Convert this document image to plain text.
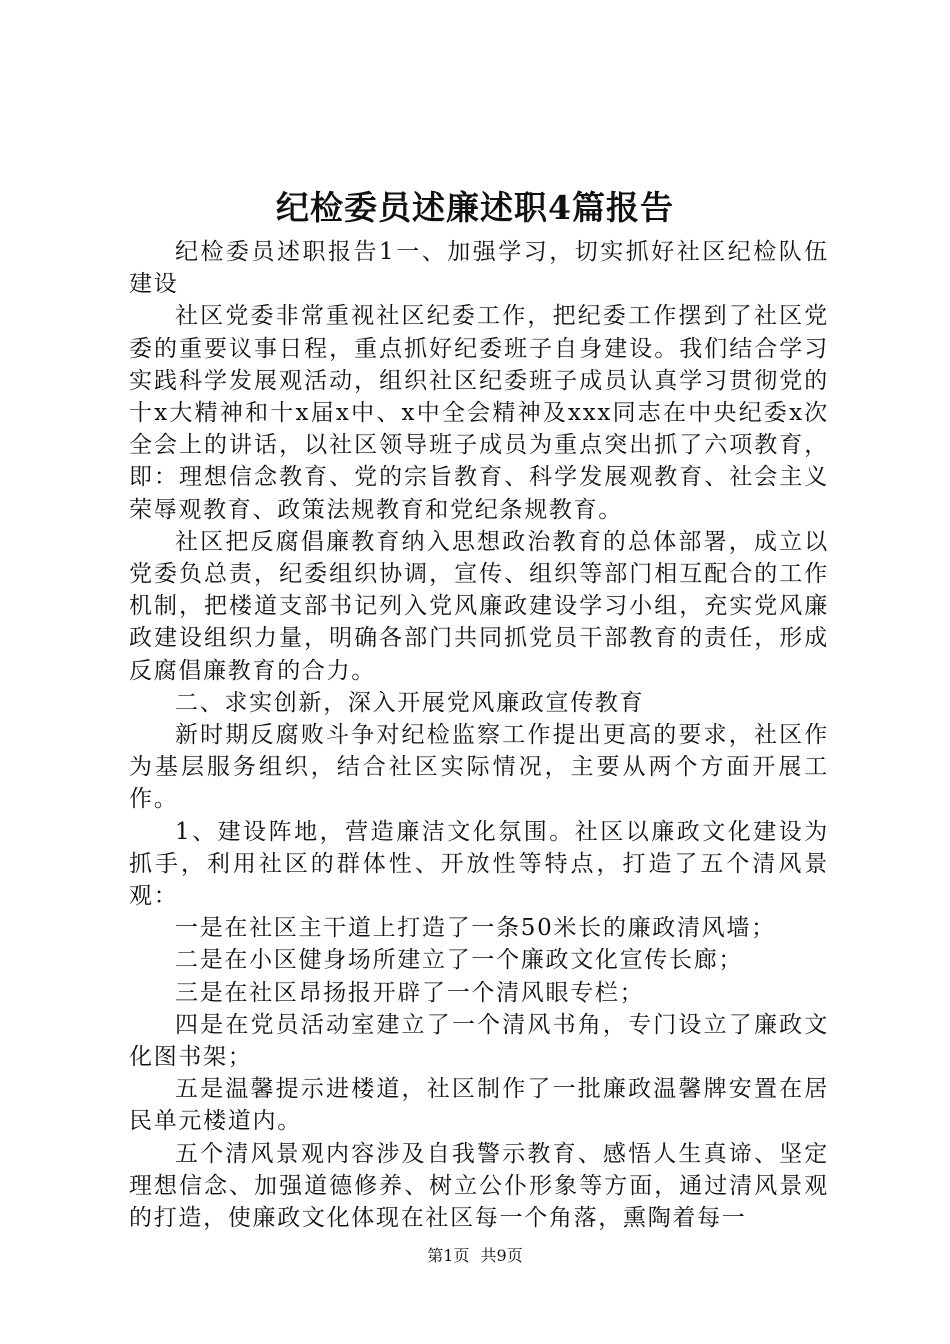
纪检委员述廉述职4篇报告

纪检委员述职报告1一、加强学习，切实抓好社区纪检队伍建设

社区党委非常重视社区纪委工作，把纪委工作摆到了社区党委的重要议事日程，重点抓好纪委班子自身建设。我们结合学习实践科学发展观活动，组织社区纪委班子成员认真学习贯彻党的十x大精神和十x届x中、x中全会精神及xxx同志在中央纪委x次全会上的讲话，以社区领导班子成员为重点突出抓了六项教育，即：理想信念教育、党的宗旨教育、科学发展观教育、社会主义荣辱观教育、政策法规教育和党纪条规教育。

社区把反腐倡廉教育纳入思想政治教育的总体部署，成立以党委负总责，纪委组织协调，宣传、组织等部门相互配合的工作机制，把楼道支部书记列入党风廉政建设学习小组，充实党风廉政建设组织力量，明确各部门共同抓党员干部教育的责任，形成反腐倡廉教育的合力。

二、求实创新，深入开展党风廉政宣传教育

新时期反腐败斗争对纪检监察工作提出更高的要求，社区作为基层服务组织，结合社区实际情况，主要从两个方面开展工作。

1、建设阵地，营造廉洁文化氛围。社区以廉政文化建设为抓手，利用社区的群体性、开放性等特点，打造了五个清风景观：

一是在社区主干道上打造了一条50米长的廉政清风墙；

二是在小区健身场所建立了一个廉政文化宣传长廊；

三是在社区昂扬报开辟了一个清风眼专栏；

四是在党员活动室建立了一个清风书角，专门设立了廉政文化图书架；

五是温馨提示进楼道，社区制作了一批廉政温馨牌安置在居民单元楼道内。

五个清风景观内容涉及自我警示教育、感悟人生真谛、坚定理想信念、加强道德修养、树立公仆形象等方面，通过清风景观的打造，使廉政文化体现在社区每一个角落，熏陶着每一

第1页 共9页
